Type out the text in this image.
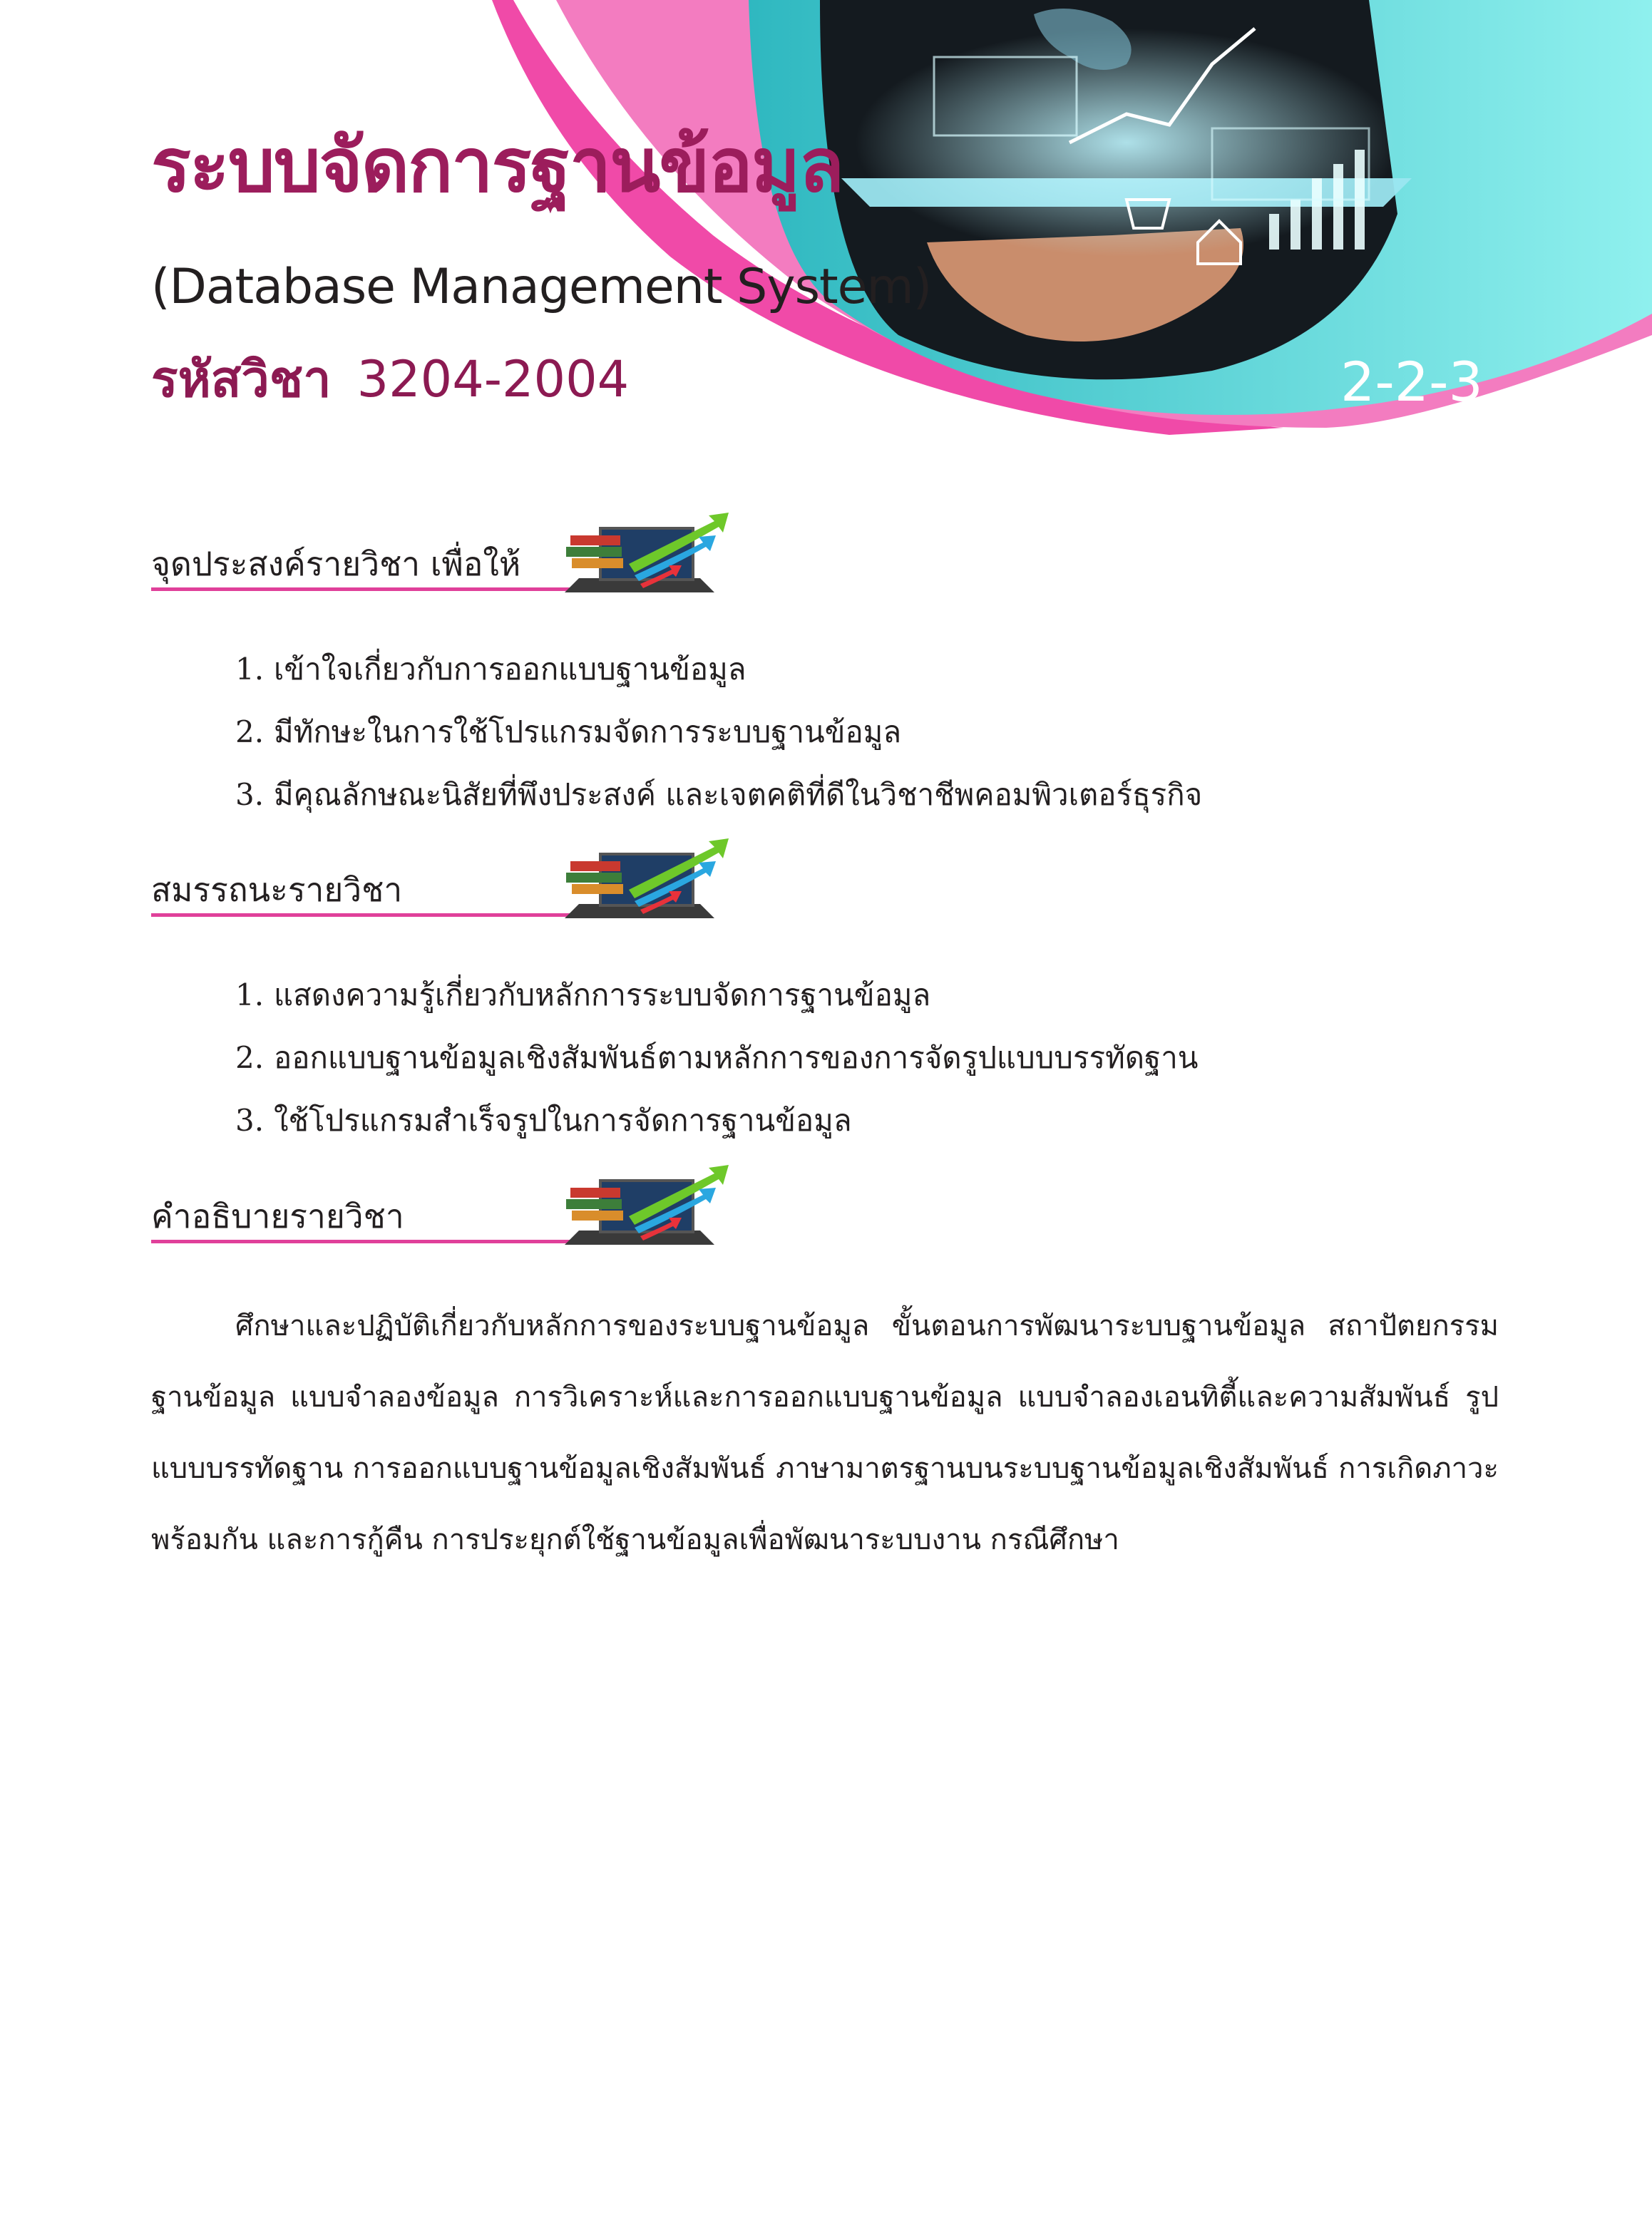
ระบบจัดการฐานข้อมูล
(Database Management System)
รหัสวิชา 3204-2004	2-2-3
จุดประสงค์รายวิชา เพื่อให้
1. เข้าใจเกี่ยวกับการออกแบบฐานข้อมูล
2. มีทักษะในการใช้โปรแกรมจัดการระบบฐานข้อมูล
3. มีคุณลักษณะนิสัยที่พึงประสงค์ และเจตคติที่ดีในวิชาชีพคอมพิวเตอร์ธุรกิจ
สมรรถนะรายวิชา
1. แสดงความรู้เกี่ยวกับหลักการระบบจัดการฐานข้อมูล
2. ออกแบบฐานข้อมูลเชิงสัมพันธ์ตามหลักการของการจัดรูปแบบบรรทัดฐาน
3. ใช้โปรแกรมสำเร็จรูปในการจัดการฐานข้อมูล
คำอธิบายรายวิชา

ศึกษาและปฏิบัติเกี่ยวกับหลักการของระบบฐานข้อมูล ขั้นตอนการพัฒนาระบบฐานข้อมูล สถาปัตยกรรมฐานข้อมูล แบบจำลองข้อมูล การวิเคราะห์และการออกแบบฐานข้อมูล แบบจำลองเอนทิตี้และความสัมพันธ์ รูปแบบบรรทัดฐาน การออกแบบฐานข้อมูลเชิงสัมพันธ์ ภาษามาตรฐานบนระบบฐานข้อมูลเชิงสัมพันธ์ การเกิดภาวะพร้อมกัน และการกู้คืน การประยุกต์ใช้ฐานข้อมูลเพื่อพัฒนาระบบงาน กรณีศึกษา
